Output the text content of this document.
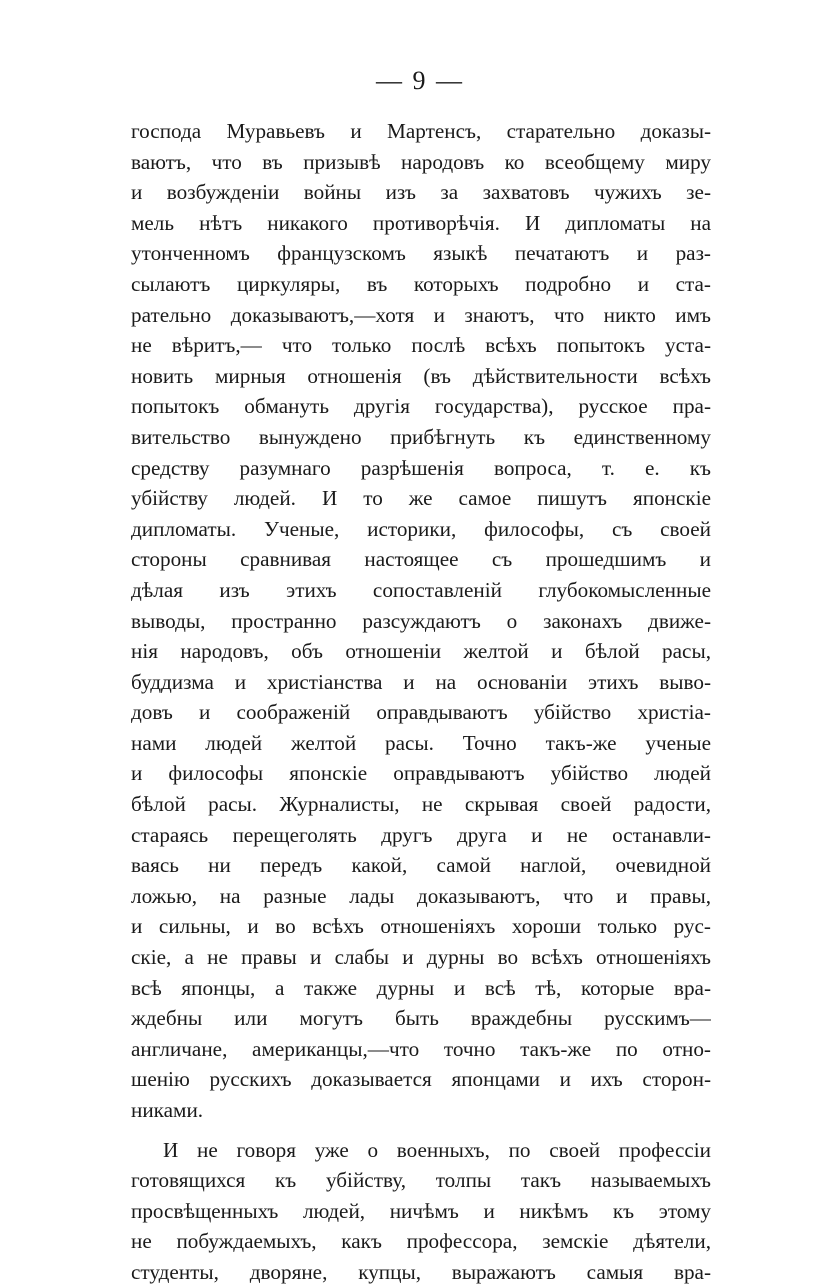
— 9 —
господа Муравьевъ и Мартенсъ, старательно доказы-
ваютъ, что въ призывѣ народовъ ко всеобщему миру
и возбужденіи войны изъ за захватовъ чужихъ зе-
мель нѣтъ никакого противорѣчія. И дипломаты на
утонченномъ французскомъ языкѣ печатаютъ и раз-
сылаютъ циркуляры, въ которыхъ подробно и ста-
рательно доказываютъ,—хотя и знаютъ, что никто имъ
не вѣритъ,— что только послѣ всѣхъ попытокъ уста-
новить мирныя отношенія (въ дѣйствительности всѣхъ
попытокъ обмануть другія государства), русское пра-
вительство вынуждено прибѣгнуть къ единственному
средству разумнаго разрѣшенія вопроса, т. е. къ
убійству людей. И то же самое пишутъ японскіе
дипломаты. Ученые, историки, философы, съ своей
стороны сравнивая настоящее съ прошедшимъ и
дѣлая изъ этихъ сопоставленій глубокомысленные
выводы, пространно разсуждаютъ о законахъ движе-
нія народовъ, объ отношеніи желтой и бѣлой расы,
буддизма и христіанства и на основаніи этихъ выво-
довъ и соображеній оправдываютъ убійство христіа-
нами людей желтой расы. Точно такъ-же ученые
и философы японскіе оправдываютъ убійство людей
бѣлой расы. Журналисты, не скрывая своей радости,
стараясь перещеголять другъ друга и не останавли-
ваясь ни передъ какой, самой наглой, очевидной
ложью, на разные лады доказываютъ, что и правы,
и сильны, и во всѣхъ отношеніяхъ хороши только рус-
скіе, а не правы и слабы и дурны во всѣхъ отношеніяхъ
всѣ японцы, а также дурны и всѣ тѣ, которые вра-
ждебны или могутъ быть враждебны русскимъ—
англичане, американцы,—что точно такъ-же по отно-
шенію русскихъ доказывается японцами и ихъ сторон-
никами.
И не говоря уже о военныхъ, по своей профессіи
готовящихся къ убійству, толпы такъ называемыхъ
просвѣщенныхъ людей, ничѣмъ и никѣмъ къ этому
не побуждаемыхъ, какъ профессора, земскіе дѣятели,
студенты, дворяне, купцы, выражаютъ самыя вра-
